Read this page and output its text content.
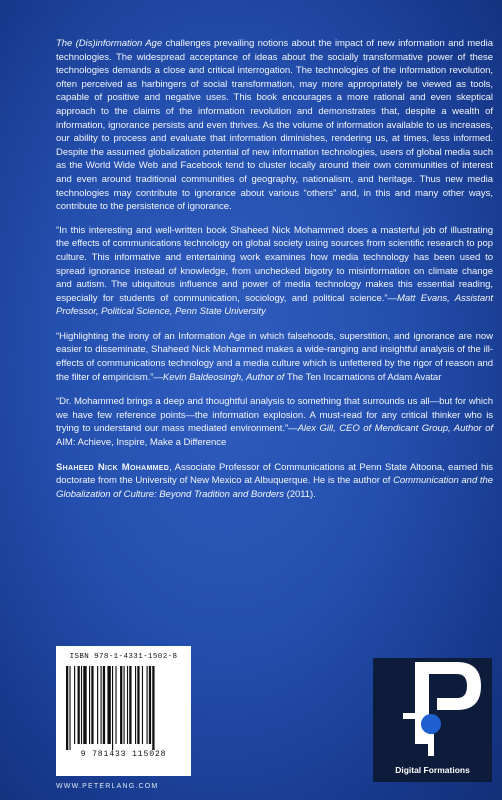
The (Dis)information Age challenges prevailing notions about the impact of new information and media technologies. The widespread acceptance of ideas about the socially transformative power of these technologies demands a close and critical interrogation. The technologies of the information revolution, often perceived as harbingers of social transformation, may more appropriately be viewed as tools, capable of positive and negative uses. This book encourages a more rational and even skeptical approach to the claims of the information revolution and demonstrates that, despite a wealth of information, ignorance persists and even thrives. As the volume of information available to us increases, our ability to process and evaluate that information diminishes, rendering us, at times, less informed. Despite the assumed globalization potential of new information technologies, users of global media such as the World Wide Web and Facebook tend to cluster locally around their own communities of interest and even around traditional communities of geography, nationalism, and heritage. Thus new media technologies may contribute to ignorance about various “others” and, in this and many other ways, contribute to the persistence of ignorance.

“In this interesting and well-written book Shaheed Nick Mohammed does a masterful job of illustrating the effects of communications technology on global society using sources from scientific research to pop culture. This informative and entertaining work examines how media technology has been used to spread ignorance instead of knowledge, from unchecked bigotry to misinformation on climate change and autism. The ubiquitous influence and power of media technology makes this essential reading, especially for students of communication, sociology, and political science.”—Matt Evans, Assistant Professor, Political Science, Penn State University

“Highlighting the irony of an Information Age in which falsehoods, superstition, and ignorance are now easier to disseminate, Shaheed Nick Mohammed makes a wide-ranging and insightful analysis of the ill-effects of communications technology and a media culture which is unfettered by the rigor of reason and the filter of empiricism.”—Kevin Baldeosingh, Author of The Ten Incarnations of Adam Avatar

“Dr. Mohammed brings a deep and thoughtful analysis to something that surrounds us all—but for which we have few reference points—the information explosion. A must-read for any critical thinker who is trying to understand our mass mediated environment.”—Alex Gill, CEO of Mendicant Group, Author of AIM: Achieve, Inspire, Make a Difference

Shaheed Nick Mohammed, Associate Professor of Communications at Penn State Altoona, earned his doctorate from the University of New Mexico at Albuquerque. He is the author of Communication and the Globalization of Culture: Beyond Tradition and Borders (2011).

ISBN 978-1-4331-1502-8
9 781433 115028
WWW.PETERLANG.COM
Digital Formations
